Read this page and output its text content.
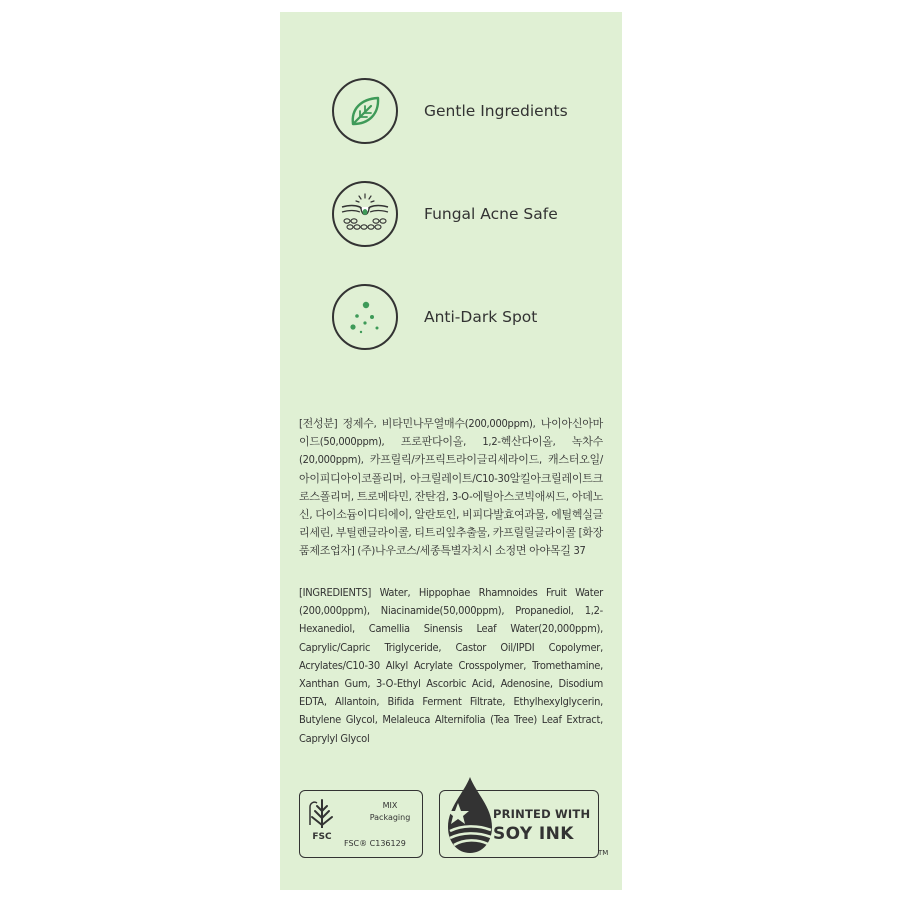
Gentle Ingredients
Fungal Acne Safe
Anti-Dark Spot
[전성분] 정제수, 비타민나무열매수(200,000ppm), 나이아신아마이드(50,000ppm), 프로판다이올, 1,2-헥산다이올, 녹차수(20,000ppm), 카프릴릭/카프릭트라이글리세라이드, 캐스터오일/아이피디아이코폴리머, 아크릴레이트/C10-30알킬아크릴레이트크로스폴리머, 트로메타민, 잔탄검, 3-O-에틸아스코빅애씨드, 아데노신, 다이소듐이디티에이, 알란토인, 비피다발효여과물, 에틸헥실글리세린, 부틸렌글라이콜, 티트리잎추출물, 카프릴릴글라이콜 [화장품제조업자] (주)나우코스/세종특별자치시 소정면 아야목길 37
[INGREDIENTS] Water, Hippophae Rhamnoides Fruit Water (200,000ppm), Niacinamide(50,000ppm), Propanediol, 1,2-Hexanediol, Camellia Sinensis Leaf Water(20,000ppm), Caprylic/Capric Triglyceride, Castor Oil/IPDI Copolymer, Acrylates/C10-30 Alkyl Acrylate Crosspolymer, Tromethamine, Xanthan Gum, 3-O-Ethyl Ascorbic Acid, Adenosine, Disodium EDTA, Allantoin, Bifida Ferment Filtrate, Ethylhexylglycerin, Butylene Glycol, Melaleuca Alternifolia (Tea Tree) Leaf Extract, Caprylyl Glycol
FSC
MIX
Packaging
FSC® C136129
PRINTED WITH
SOY INK
TM
